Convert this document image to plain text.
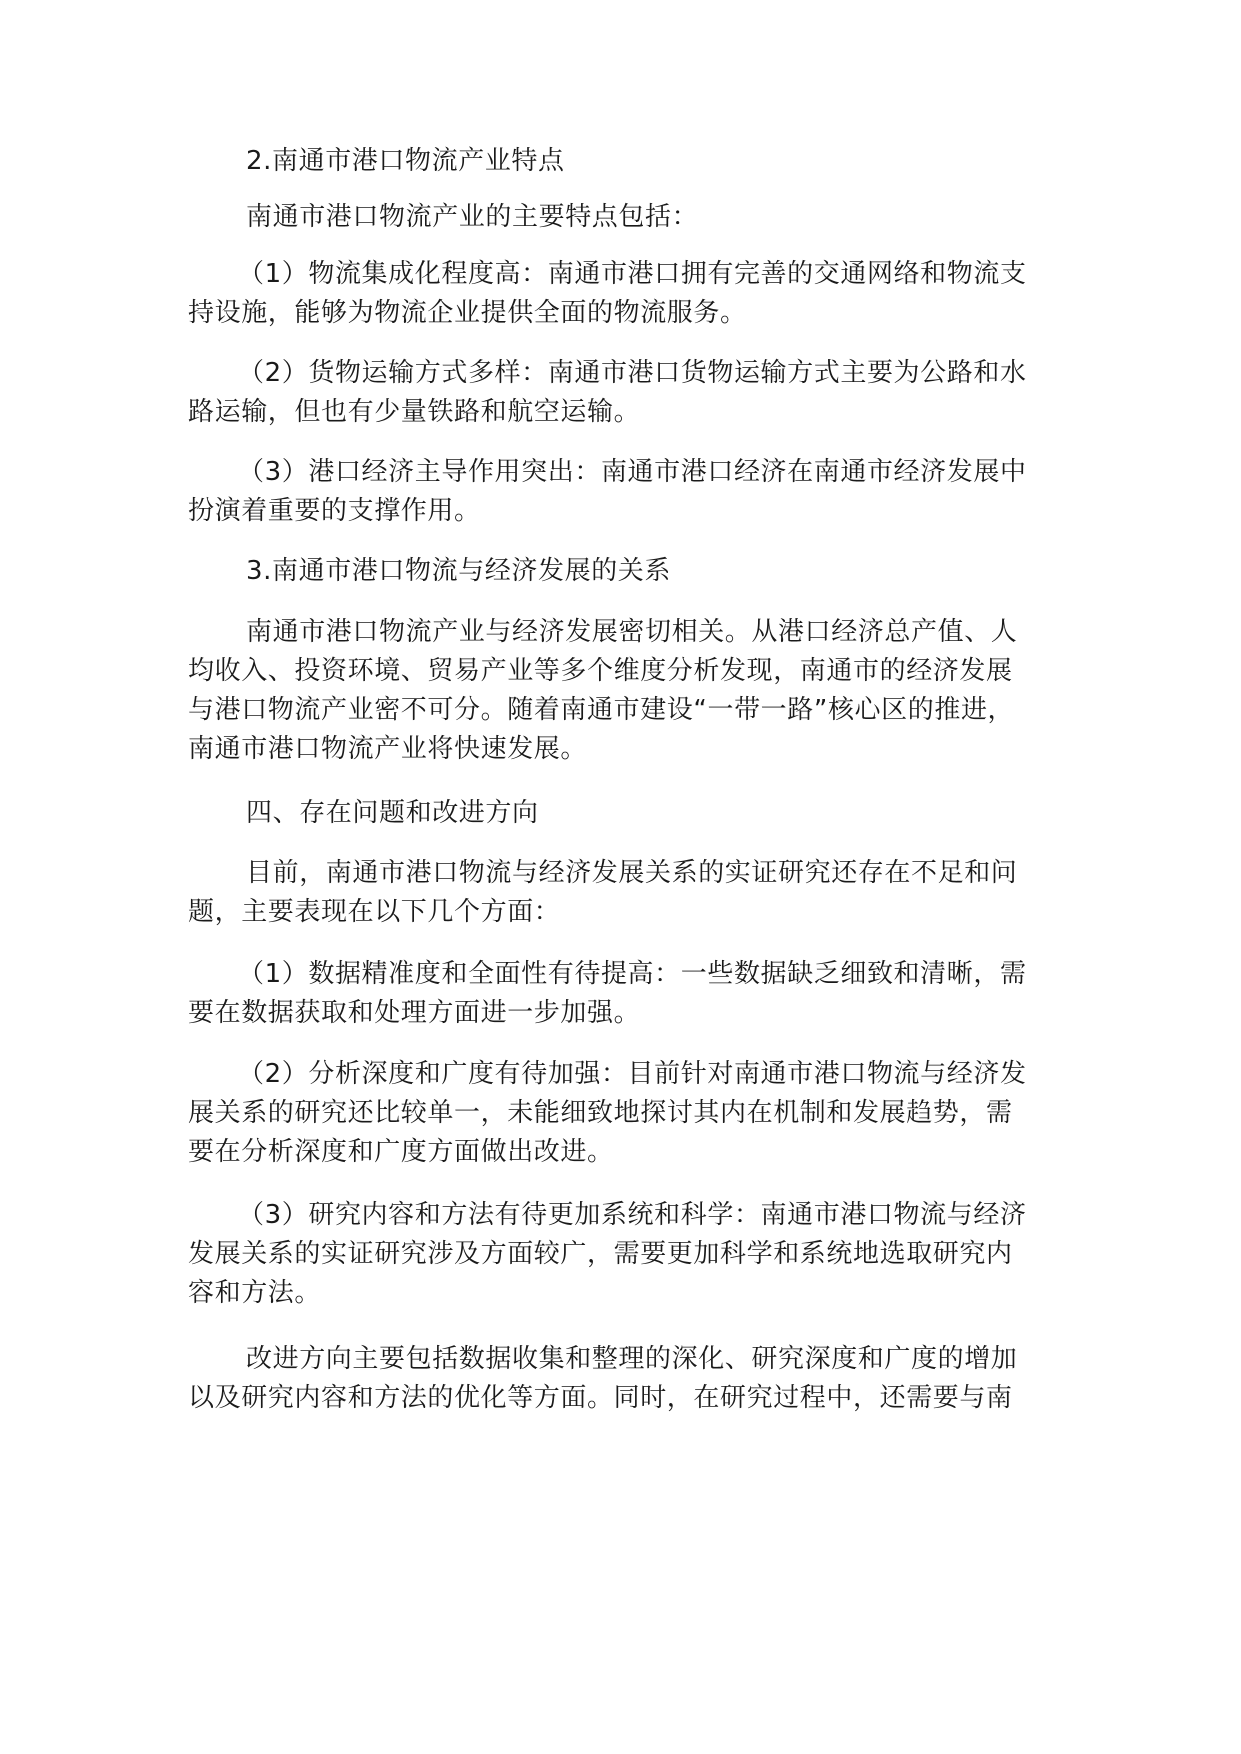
2.南通市港口物流产业特点
南通市港口物流产业的主要特点包括：
（1）物流集成化程度高：南通市港口拥有完善的交通网络和物流支
持设施，能够为物流企业提供全面的物流服务。
（2）货物运输方式多样：南通市港口货物运输方式主要为公路和水
路运输，但也有少量铁路和航空运输。
（3）港口经济主导作用突出：南通市港口经济在南通市经济发展中
扮演着重要的支撑作用。
3.南通市港口物流与经济发展的关系
南通市港口物流产业与经济发展密切相关。从港口经济总产值、人
均收入、投资环境、贸易产业等多个维度分析发现，南通市的经济发展
与港口物流产业密不可分。随着南通市建设“一带一路”核心区的推进，
南通市港口物流产业将快速发展。
四、存在问题和改进方向
目前，南通市港口物流与经济发展关系的实证研究还存在不足和问
题，主要表现在以下几个方面：
（1）数据精准度和全面性有待提高：一些数据缺乏细致和清晰，需
要在数据获取和处理方面进一步加强。
（2）分析深度和广度有待加强：目前针对南通市港口物流与经济发
展关系的研究还比较单一，未能细致地探讨其内在机制和发展趋势，需
要在分析深度和广度方面做出改进。
（3）研究内容和方法有待更加系统和科学：南通市港口物流与经济
发展关系的实证研究涉及方面较广，需要更加科学和系统地选取研究内
容和方法。
改进方向主要包括数据收集和整理的深化、研究深度和广度的增加
以及研究内容和方法的优化等方面。同时，在研究过程中，还需要与南
